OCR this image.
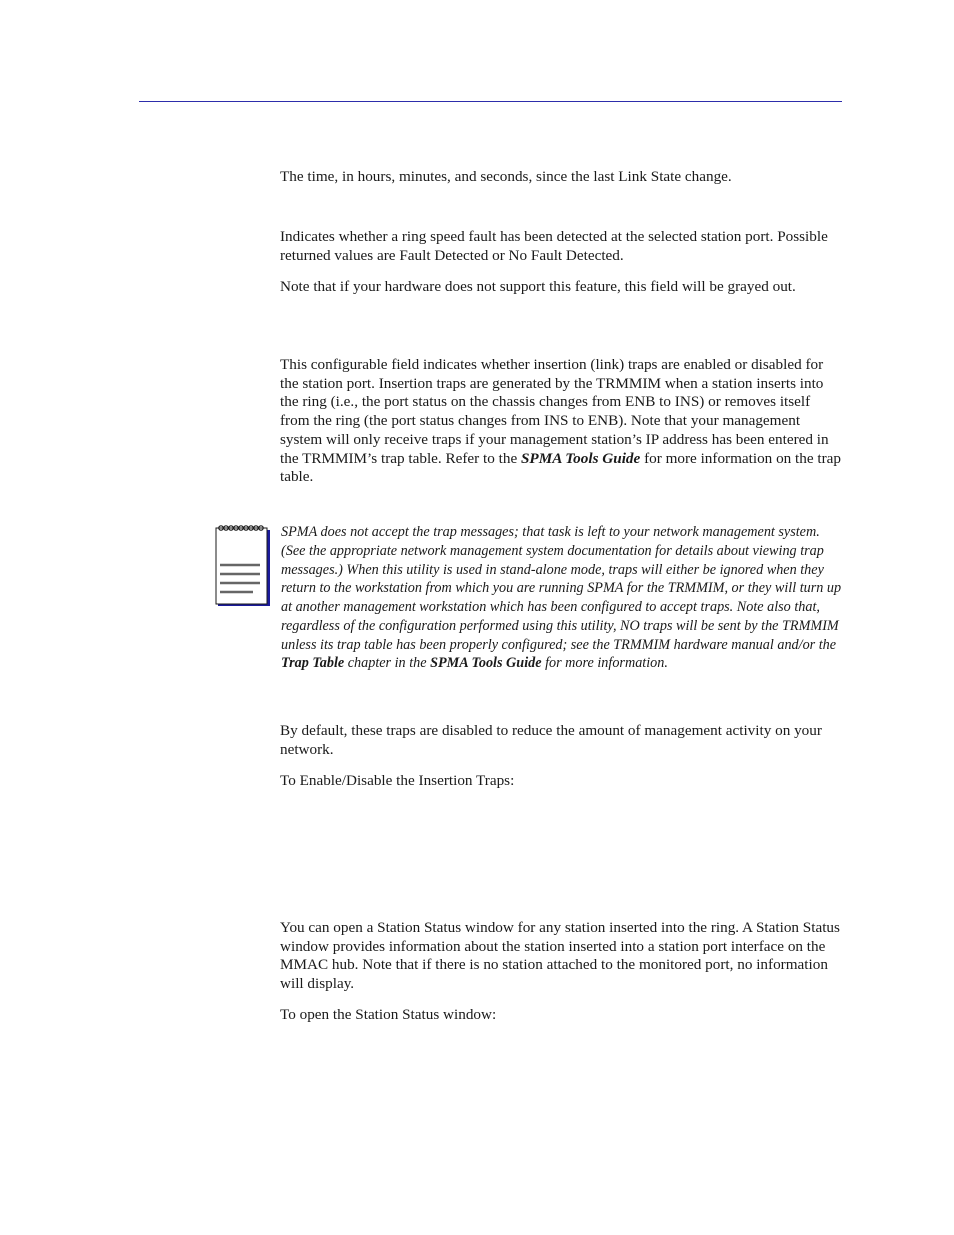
The time, in hours, minutes, and seconds, since the last Link State change.

Indicates whether a ring speed fault has been detected at the selected station port. Possible returned values are Fault Detected or No Fault Detected.

Note that if your hardware does not support this feature, this field will be grayed out.

This configurable field indicates whether insertion (link) traps are enabled or disabled for the station port. Insertion traps are generated by the TRMMIM when a station inserts into the ring (i.e., the port status on the chassis changes from ENB to INS) or removes itself from the ring (the port status changes from INS to ENB). Note that your management system will only receive traps if your management station’s IP address has been entered in the TRMMIM’s trap table. Refer to the SPMA Tools Guide for more information on the trap table.

SPMA does not accept the trap messages; that task is left to your network management system. (See the appropriate network management system documentation for details about viewing trap messages.) When this utility is used in stand-alone mode, traps will either be ignored when they return to the workstation from which you are running SPMA for the TRMMIM, or they will turn up at another management workstation which has been configured to accept traps. Note also that, regardless of the configuration performed using this utility, NO traps will be sent by the TRMMIM unless its trap table has been properly configured; see the TRMMIM hardware manual and/or the Trap Table chapter in the SPMA Tools Guide for more information.

By default, these traps are disabled to reduce the amount of management activity on your network.

To Enable/Disable the Insertion Traps:

You can open a Station Status window for any station inserted into the ring. A Station Status window provides information about the station inserted into a station port interface on the MMAC hub. Note that if there is no station attached to the monitored port, no information will display.

To open the Station Status window:
